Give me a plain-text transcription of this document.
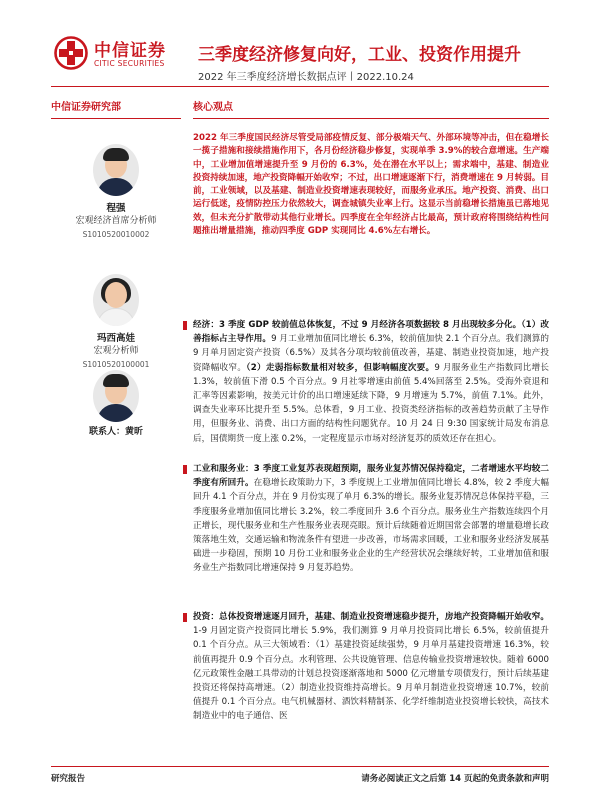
中信证券
CITIC SECURITIES 三季度经济修复向好，工业、投资作用提升
2022 年三季度经济增长数据点评丨2022.10.24
中信证券研究部
程强
宏观经济首席分析师
S1010520010002
玛西高娃
宏观分析师
S1010520100001
联系人：黄昕
核心观点
2022 年三季度国民经济尽管受局部疫情反复、部分极端天气、外部环境等冲击，但在稳增长一揽子措施和接续措施作用下，各月份经济稳步修复，实现单季 3.9%的较合意增速。生产端中，工业增加值增速提升至 9 月份的 6.3%，处在潜在水平以上；需求端中，基建、制造业投资持续加速，地产投资降幅开始收窄；不过，出口增速逐渐下行，消费增速在 9 月转弱。目前，工业领域，以及基建、制造业投资增速表现较好，而服务业承压。地产投资、消费、出口运行低迷，疫情防控压力依然较大，调查城镇失业率上行。这显示当前稳增长措施虽已落地见效，但未充分扩散带动其他行业增长。四季度在全年经济占比最高，预计政府将围绕结构性问题推出增量措施，推动四季度 GDP 实现同比 4.6%左右增长。
经济：3 季度 GDP 较前值总体恢复，不过 9 月经济各项数据较 8 月出现较多分化。（1）改善指标占主导作用。9 月工业增加值同比增长 6.3%，较前值加快 2.1 个百分点。我们测算的 9 月单月固定资产投资（6.5%）及其各分项均较前值改善，基建、制造业投资加速，地产投资降幅收窄。（2）走弱指标数量相对较多，但影响幅度次要。9 月服务业生产指数同比增长 1.3%，较前值下滑 0.5 个百分点。9 月社零增速由前值 5.4%回落至 2.5%。受海外衰退和汇率等因素影响，按美元计价的出口增速延续下降，9 月增速为 5.7%，前值 7.1%。此外，调查失业率环比提升至 5.5%。总体看，9 月工业、投资类经济指标的改善趋势贡献了主导作用，但服务业、消费、出口方面的结构性问题犹存。10 月 24 日 9:30 国家统计局发布消息后，国债期货一度上涨 0.2%，一定程度显示市场对经济复苏的质效还存在担心。
工业和服务业：3 季度工业复苏表现超预期，服务业复苏情况保持稳定，二者增速水平均较二季度有所回升。在稳增长政策助力下，3 季度规上工业增加值同比增长 4.8%，较 2 季度大幅回升 4.1 个百分点，并在 9 月份实现了单月 6.3%的增长。服务业复苏情况总体保持平稳，三季度服务业增加值同比增长 3.2%，较二季度回升 3.6 个百分点。服务业生产指数连续四个月正增长，现代服务业和生产性服务业表现亮眼。预计后续随着近期国常会部署的增量稳增长政策落地生效，交通运输和物流条件有望进一步改善，市场需求回暖，工业和服务业经济发展基础进一步稳固，预期 10 月份工业和服务业企业的生产经营状况会继续好转，工业增加值和服务业生产指数同比增速保持 9 月复苏趋势。
投资：总体投资增速逐月回升，基建、制造业投资增速稳步提升，房地产投资降幅开始收窄。1-9 月固定资产投资同比增长 5.9%，我们测算 9 月单月投资同比增长 6.5%，较前值提升 0.1 个百分点。从三大领域看：（1）基建投资延续强势，9 月单月基建投资增速 16.3%，较前值再提升 0.9 个百分点。水利管理、公共设施管理、信息传输业投资增速较快。随着 6000 亿元政策性金融工具带动的计划总投资逐渐落地和 5000 亿元增量专项债发行，预计后续基建投资还将保持高增速。（2）制造业投资维持高增长。9 月单月制造业投资增速 10.7%，较前值提升 0.1 个百分点。电气机械器材、酒饮料精制茶、化学纤维制造业投资增长较快，高技术制造业中的电子通信、医
研究报告	请务必阅读正文之后第 14 页起的免责条款和声明
